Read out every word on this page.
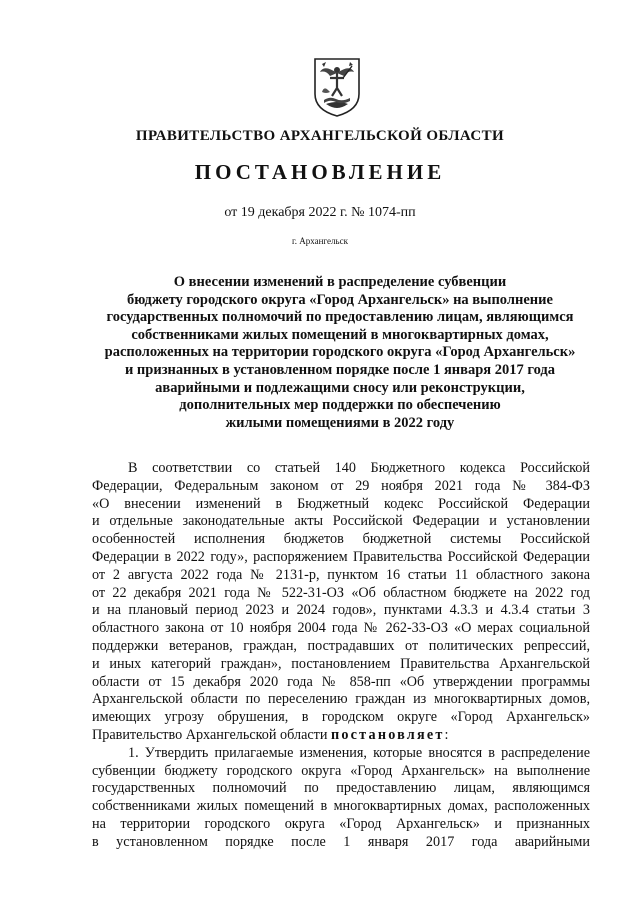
ПРАВИТЕЛЬСТВО АРХАНГЕЛЬСКОЙ ОБЛАСТИ
ПОСТАНОВЛЕНИЕ
от 19 декабря 2022 г. № 1074-пп
г. Архангельск
О внесении изменений в распределение субвенции
бюджету городского округа «Город Архангельск» на выполнение
государственных полномочий по предоставлению лицам, являющимся
собственниками жилых помещений в многоквартирных домах,
расположенных на территории городского округа «Город Архангельск»
и признанных в установленном порядке после 1 января 2017 года
аварийными и подлежащими сносу или реконструкции,
дополнительных мер поддержки по обеспечению
жилыми помещениями в 2022 году
В соответствии со статьей 140 Бюджетного кодекса Российской
Федерации, Федеральным законом от 29 ноября 2021 года № 384-ФЗ
«О внесении изменений в Бюджетный кодекс Российской Федерации
и отдельные законодательные акты Российской Федерации и установлении
особенностей исполнения бюджетов бюджетной системы Российской
Федерации в 2022 году», распоряжением Правительства Российской Федерации
от 2 августа 2022 года № 2131-р, пунктом 16 статьи 11 областного закона
от 22 декабря 2021 года № 522-31-ОЗ «Об областном бюджете на 2022 год
и на плановый период 2023 и 2024 годов», пунктами 4.3.3 и 4.3.4 статьи 3
областного закона от 10 ноября 2004 года № 262-33-ОЗ «О мерах социальной
поддержки ветеранов, граждан, пострадавших от политических репрессий,
и иных категорий граждан», постановлением Правительства Архангельской
области от 15 декабря 2020 года № 858-пп «Об утверждении программы
Архангельской области по переселению граждан из многоквартирных домов,
имеющих угрозу обрушения, в городском округе «Город Архангельск»
Правительство Архангельской области постановляет:
1. Утвердить прилагаемые изменения, которые вносятся в распределение
субвенции бюджету городского округа «Город Архангельск» на выполнение
государственных полномочий по предоставлению лицам, являющимся
собственниками жилых помещений в многоквартирных домах, расположенных
на территории городского округа «Город Архангельск» и признанных
в установленном порядке после 1 января 2017 года аварийными
